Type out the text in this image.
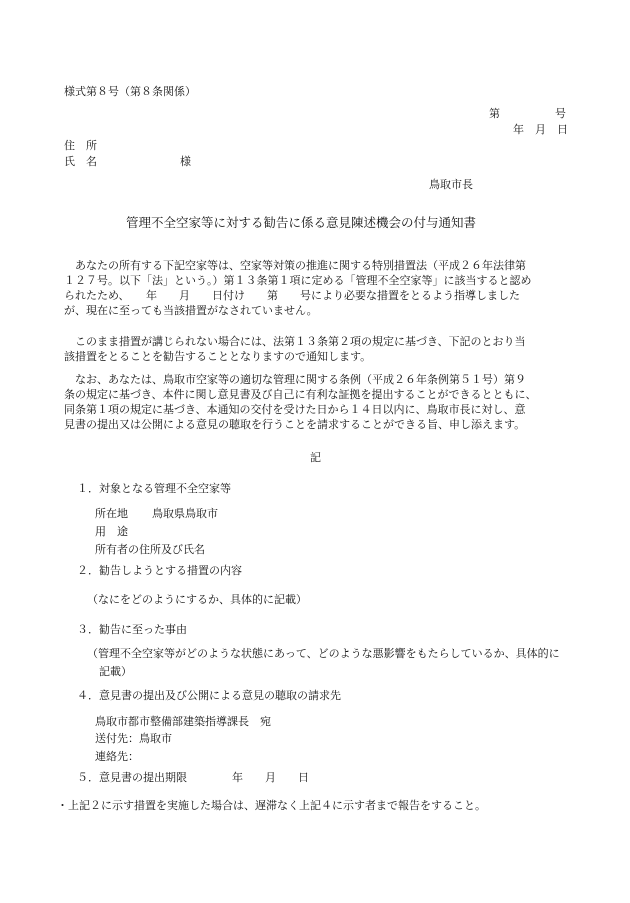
様式第８号（第８条関係）
第　　　　　号
年　月　日
住　所
氏　名	様
鳥取市長
管理不全空家等に対する勧告に係る意見陳述機会の付与通知書
あなたの所有する下記空家等は、空家等対策の推進に関する特別措置法（平成２６年法律第
１２７号。以下「法」という。）第１３条第１項に定める「管理不全空家等」に該当すると認め
られたため、　　年　　月　　日付け　　第　　号により必要な措置をとるよう指導しました
が、現在に至っても当該措置がなされていません。
このまま措置が講じられない場合には、法第１３条第２項の規定に基づき、下記のとおり当
該措置をとることを勧告することとなりますので通知します。
なお、あなたは、鳥取市空家等の適切な管理に関する条例（平成２６年条例第５１号）第９
条の規定に基づき、本件に関し意見書及び自己に有利な証拠を提出することができるとともに、
同条第１項の規定に基づき、本通知の交付を受けた日から１４日以内に、鳥取市長に対し、意
見書の提出又は公開による意見の聴取を行うことを請求することができる旨、申し添えます。
記
１．対象となる管理不全空家等
所在地 鳥取県鳥取市
用　途
所有者の住所及び氏名
２．勧告しようとする措置の内容
（なにをどのようにするか、具体的に記載）
３．勧告に至った事由
（管理不全空家等がどのような状態にあって、どのような悪影響をもたらしているか、具体的に
記載）
４．意見書の提出及び公開による意見の聴取の請求先
鳥取市都市整備部建築指導課長　宛
送付先：鳥取市
連絡先：
５．意見書の提出期限	年　　月　　日
・上記２に示す措置を実施した場合は、遅滞なく上記４に示す者まで報告をすること。
